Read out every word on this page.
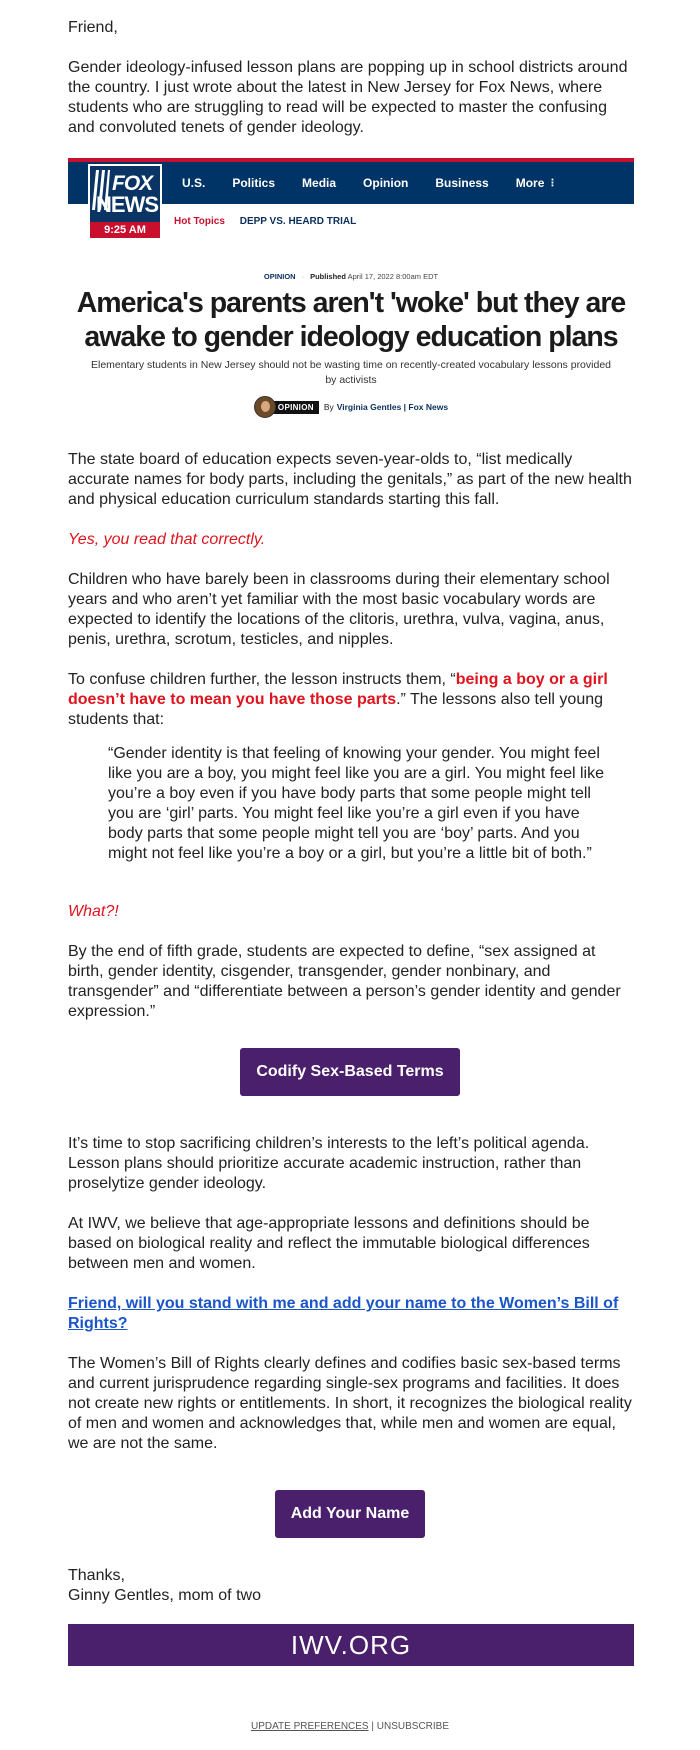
Friend,
Gender ideology-infused lesson plans are popping up in school districts around the country. I just wrote about the latest in New Jersey for Fox News, where students who are struggling to read will be expected to master the confusing and convoluted tenets of gender ideology.
U.S. Politics Media Opinion Business More ⋮
FOX
NEWS
9:25 AM
Hot Topics DEPP VS. HEARD TRIAL
OPINION · Published April 17, 2022 8:00am EDT
America's parents aren't 'woke' but they are awake to gender ideology education plans
Elementary students in New Jersey should not be wasting time on recently-created vocabulary lessons provided by activists
OPINION	By Virginia Gentles | Fox News
The state board of education expects seven-year-olds to, “list medically accurate names for body parts, including the genitals,” as part of the new health and physical education curriculum standards starting this fall.
Yes, you read that correctly.
Children who have barely been in classrooms during their elementary school years and who aren’t yet familiar with the most basic vocabulary words are expected to identify the locations of the clitoris, urethra, vulva, vagina, anus, penis, urethra, scrotum, testicles, and nipples.
To confuse children further, the lesson instructs them, “being a boy or a girl doesn’t have to mean you have those parts.” The lessons also tell young students that:
“Gender identity is that feeling of knowing your gender. You might feel like you are a boy, you might feel like you are a girl. You might feel like you’re a boy even if you have body parts that some people might tell you are ‘girl’ parts. You might feel like you’re a girl even if you have body parts that some people might tell you are ‘boy’ parts. And you might not feel like you’re a boy or a girl, but you’re a little bit of both.”
What?!
By the end of fifth grade, students are expected to define, “sex assigned at birth, gender identity, cisgender, transgender, gender nonbinary, and transgender” and “differentiate between a person’s gender identity and gender expression.”
Codify Sex-Based Terms
It’s time to stop sacrificing children’s interests to the left’s political agenda. Lesson plans should prioritize accurate academic instruction, rather than proselytize gender ideology.
At IWV, we believe that age-appropriate lessons and definitions should be based on biological reality and reflect the immutable biological differences between men and women.
Friend, will you stand with me and add your name to the Women’s Bill of Rights?
The Women’s Bill of Rights clearly defines and codifies basic sex-based terms and current jurisprudence regarding single-sex programs and facilities. It does not create new rights or entitlements. In short, it recognizes the biological reality of men and women and acknowledges that, while men and women are equal, we are not the same.
Add Your Name
Thanks,
Ginny Gentles, mom of two
IWV.ORG
UPDATE PREFERENCES | UNSUBSCRIBE
